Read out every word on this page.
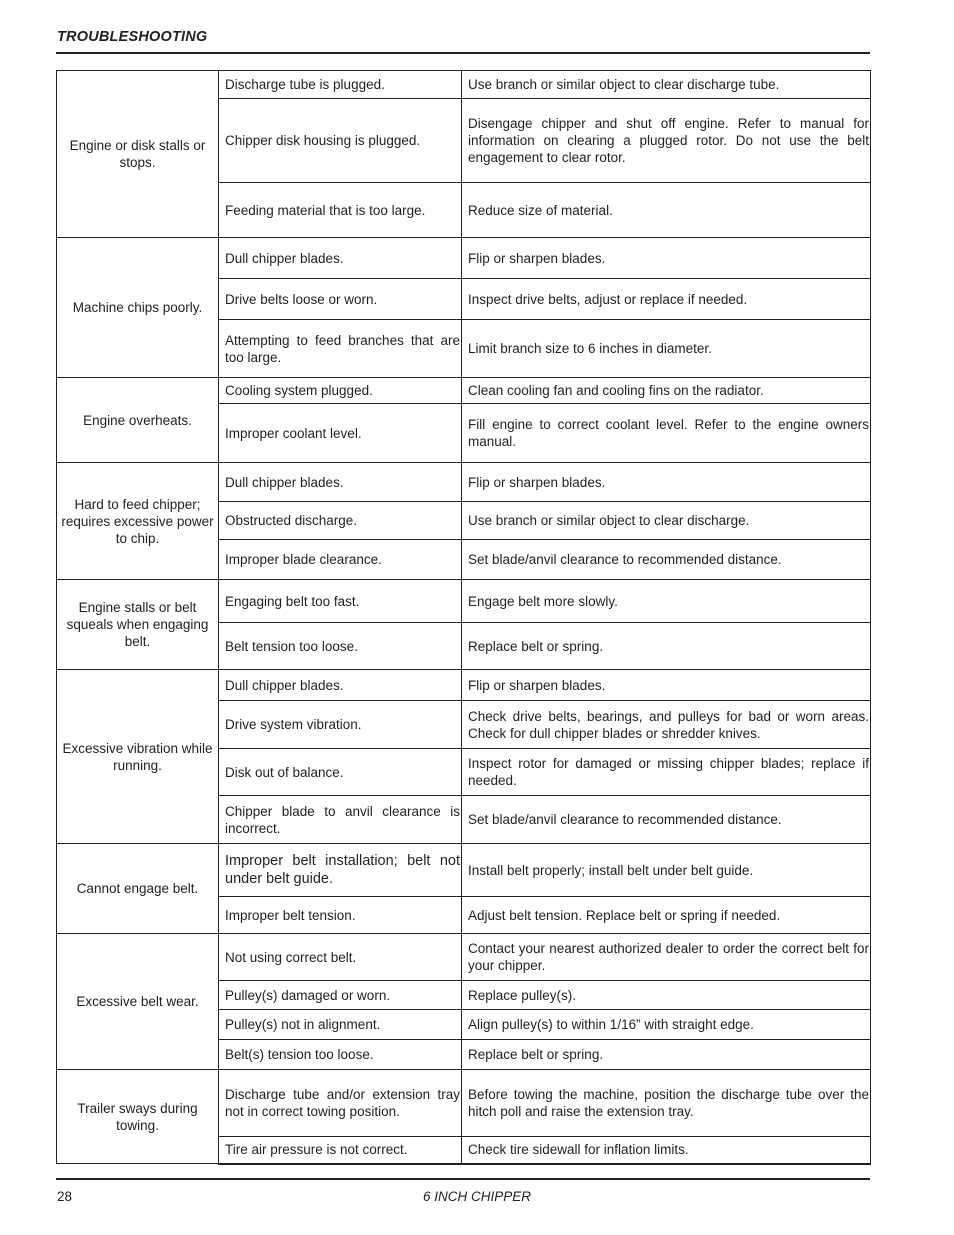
TROUBLESHOOTING
Engine or disk stalls or stops.	Discharge tube is plugged.	Use branch or similar object to clear discharge tube.
	Chipper disk housing is plugged.	Disengage chipper and shut off engine. Refer to manual for information on clearing a plugged rotor. Do not use the belt engagement to clear rotor.
	Feeding material that is too large.	Reduce size of material.
Machine chips poorly.	Dull chipper blades.	Flip or sharpen blades.
	Drive belts loose or worn.	Inspect drive belts, adjust or replace if needed.
	Attempting to feed branches that are too large.	Limit branch size to 6 inches in diameter.
Engine overheats.	Cooling system plugged.	Clean cooling fan and cooling fins on the radiator.
	Improper coolant level.	Fill engine to correct coolant level. Refer to the engine owners manual.
Hard to feed chipper; requires excessive power to chip.	Dull chipper blades.	Flip or sharpen blades.
	Obstructed discharge.	Use branch or similar object to clear discharge.
	Improper blade clearance.	Set blade/anvil clearance to recommended distance.
Engine stalls or belt squeals when engaging belt.	Engaging belt too fast.	Engage belt more slowly.
	Belt tension too loose.	Replace belt or spring.
Excessive vibration while running.	Dull chipper blades.	Flip or sharpen blades.
	Drive system vibration.	Check drive belts, bearings, and pulleys for bad or worn areas. Check for dull chipper blades or shredder knives.
	Disk out of balance.	Inspect rotor for damaged or missing chipper blades; replace if needed.
	Chipper blade to anvil clearance is incorrect.	Set blade/anvil clearance to recommended distance.
Cannot engage belt.	Improper belt installation; belt not under belt guide.	Install belt properly; install belt under belt guide.
	Improper belt tension.	Adjust belt tension. Replace belt or spring if needed.
Excessive belt wear.	Not using correct belt.	Contact your nearest authorized dealer to order the correct belt for your chipper.
	Pulley(s) damaged or worn.	Replace pulley(s).
	Pulley(s) not in alignment.	Align pulley(s) to within 1/16” with straight edge.
	Belt(s) tension too loose.	Replace belt or spring.
Trailer sways during towing.	Discharge tube and/or extension tray not in correct towing position.	Before towing the machine, position the discharge tube over the hitch poll and raise the extension tray.
	Tire air pressure is not correct.	Check tire sidewall for inflation limits.
28	6 INCH CHIPPER
